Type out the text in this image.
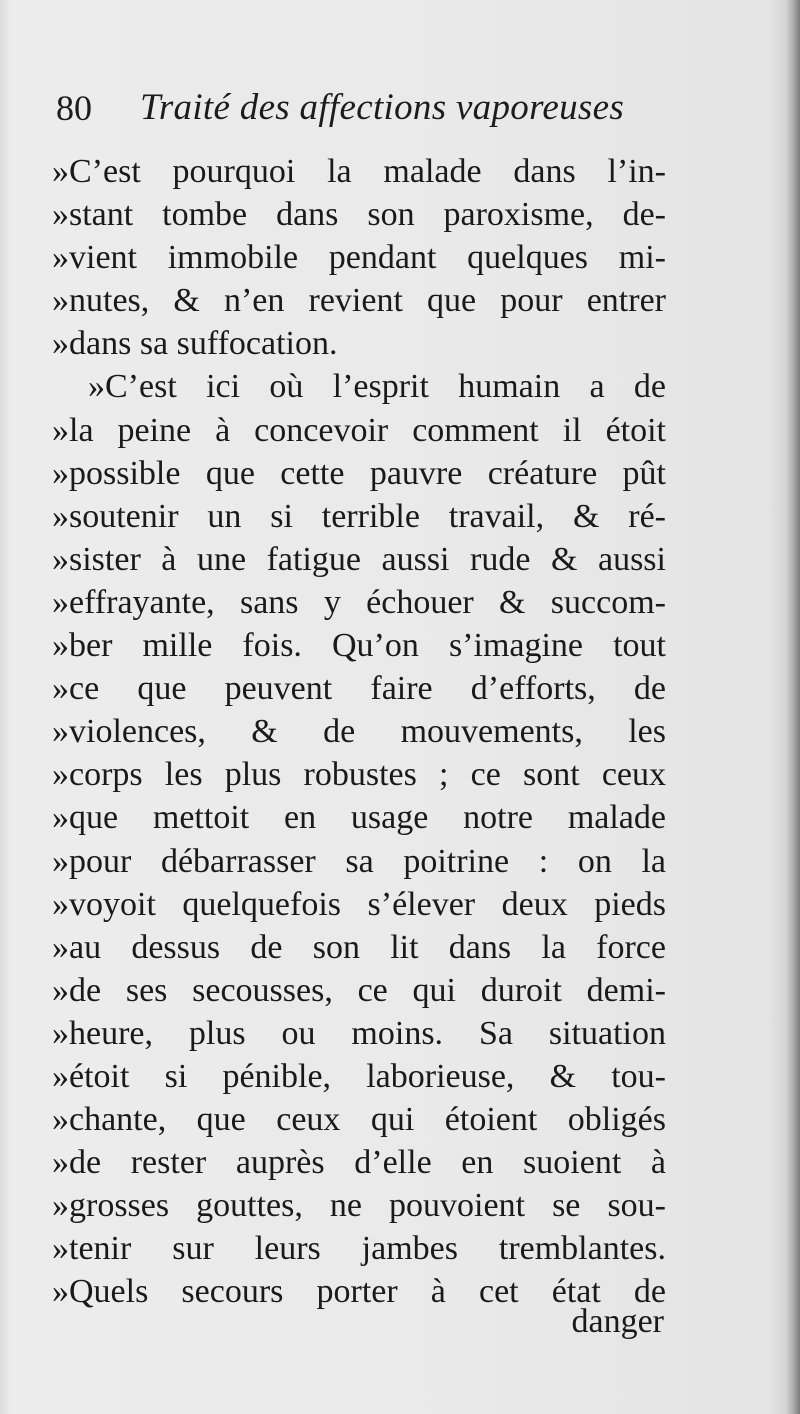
80 Traité des affections vaporeuses
»C’est pourquoi la malade dans l’in-
»stant tombe dans son paroxisme, de-
»vient immobile pendant quelques mi-
»nutes, & n’en revient que pour entrer
»dans sa suffocation.
»C’est ici où l’esprit humain a de
»la peine à concevoir comment il étoit
»possible que cette pauvre créature pût
»soutenir un si terrible travail, & ré-
»sister à une fatigue aussi rude & aussi
»effrayante, sans y échouer & succom-
»ber mille fois. Qu’on s’imagine tout
»ce que peuvent faire d’efforts, de
»violences, & de mouvements, les
»corps les plus robustes ; ce sont ceux
»que mettoit en usage notre malade
»pour débarrasser sa poitrine : on la
»voyoit quelquefois s’élever deux pieds
»au dessus de son lit dans la force
»de ses secousses, ce qui duroit demi-
»heure, plus ou moins. Sa situation
»étoit si pénible, laborieuse, & tou-
»chante, que ceux qui étoient obligés
»de rester auprès d’elle en suoient à
»grosses gouttes, ne pouvoient se sou-
»tenir sur leurs jambes tremblantes.
»Quels secours porter à cet état de
danger
